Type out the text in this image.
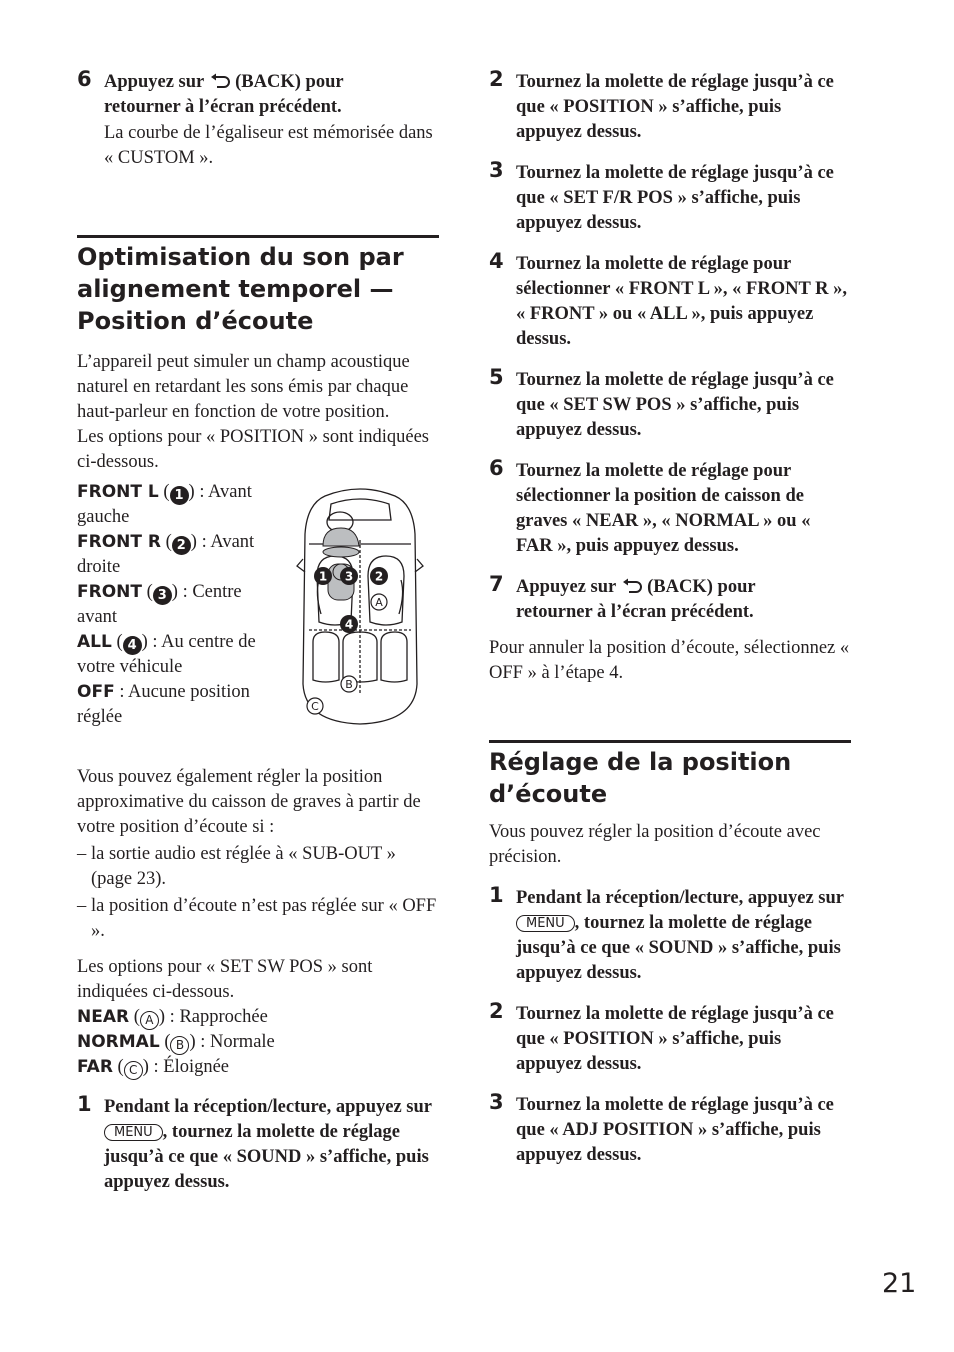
6 Appuyez sur (BACK) pour
retourner à l’écran précédent.
La courbe de l’égaliseur est mémorisée dans « CUSTOM ».
Optimisation du son par alignement temporel — Position d’écoute

L’appareil peut simuler un champ acoustique naturel en retardant les sons émis par chaque haut-parleur en fonction de votre position.

Les options pour « POSITION » sont indiquées ci-dessous.

FRONT L ( 1 ) : Avant gauche
FRONT R ( 2 ) : Avant droite
FRONT ( 3 ) : Centre avant
ALL ( 4 ) : Au centre de votre véhicule
OFF : Aucune position réglée
1 3 2
4
A
B
C

Vous pouvez également régler la position approximative du caisson de graves à partir de votre position d’écoute si :

– la sortie audio est réglée à « SUB-OUT » (page 23).
– la position d’écoute n’est pas réglée sur « OFF ».

Les options pour « SET SW POS » sont indiquées ci-dessous.

NEAR ( A ) : Rapprochée
NORMAL ( B ) : Normale
FAR ( C ) : Éloignée
1 Pendant la réception/lecture, appuyez sur MENU , tournez la molette de réglage jusqu’à ce que « SOUND » s’affiche, puis appuyez dessus.
2 Tournez la molette de réglage jusqu’à ce que « POSITION » s’affiche, puis appuyez dessus.
3 Tournez la molette de réglage jusqu’à ce que « SET F/R POS » s’affiche, puis appuyez dessus.
4 Tournez la molette de réglage pour sélectionner « FRONT L », « FRONT R », « FRONT » ou « ALL », puis appuyez dessus.
5 Tournez la molette de réglage jusqu’à ce que « SET SW POS » s’affiche, puis appuyez dessus.
6 Tournez la molette de réglage pour sélectionner la position de caisson de graves « NEAR », « NORMAL » ou « FAR », puis appuyez dessus.
7 Appuyez sur (BACK) pour
retourner à l’écran précédent.

Pour annuler la position d’écoute, sélectionnez « OFF » à l’étape 4.

Réglage de la position d’écoute

Vous pouvez régler la position d’écoute avec précision.

1 Pendant la réception/lecture, appuyez sur MENU , tournez la molette de réglage jusqu’à ce que « SOUND » s’affiche, puis appuyez dessus.
2 Tournez la molette de réglage jusqu’à ce que « POSITION » s’affiche, puis appuyez dessus.
3 Tournez la molette de réglage jusqu’à ce que « ADJ POSITION » s’affiche, puis appuyez dessus.
21
